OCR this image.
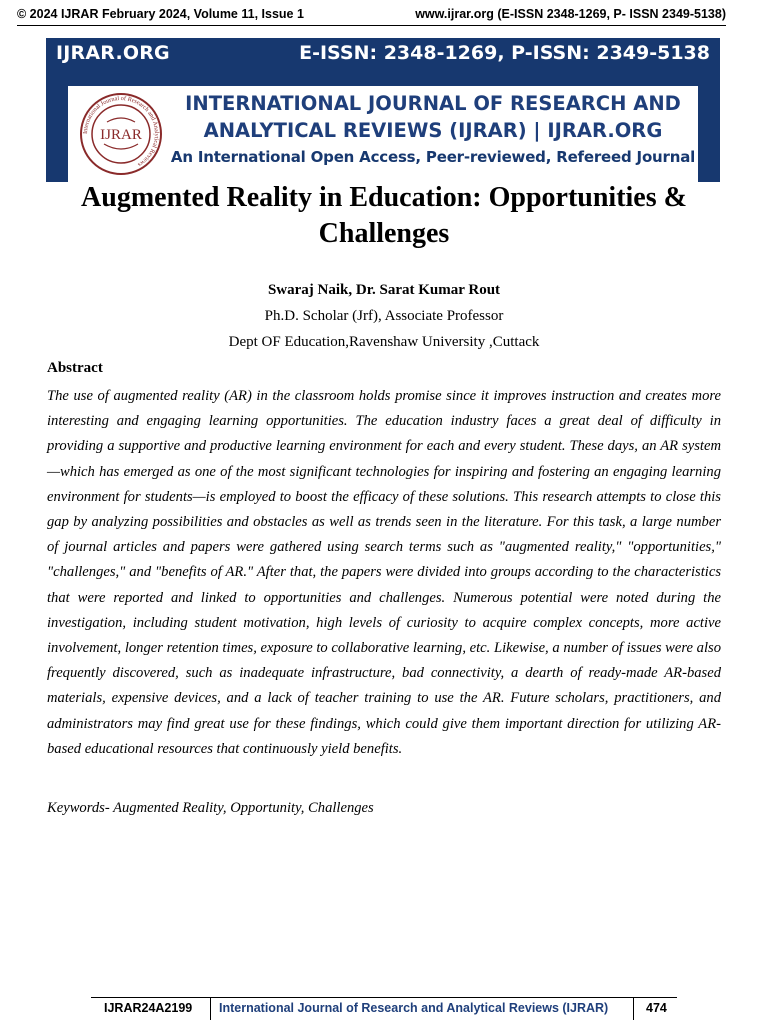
© 2024 IJRAR February 2024, Volume 11, Issue 1	www.ijrar.org (E-ISSN 2348-1269, P- ISSN 2349-5138)
IJRAR.ORG	E-ISSN: 2348-1269, P-ISSN: 2349-5138
International Journal of Research and Analytical Reviews
IJRAR
INTERNATIONAL JOURNAL OF RESEARCH AND
ANALYTICAL REVIEWS (IJRAR) | IJRAR.ORG
An International Open Access, Peer-reviewed, Refereed Journal
Augmented Reality in Education: Opportunities &
Challenges
Swaraj Naik, Dr. Sarat Kumar Rout
Ph.D. Scholar (Jrf), Associate Professor
Dept OF Education,Ravenshaw University ,Cuttack
Abstract

The use of augmented reality (AR) in the classroom holds promise since it improves instruction and creates more interesting and engaging learning opportunities. The education industry faces a great deal of difficulty in providing a supportive and productive learning environment for each and every student. These days, an AR system—which has emerged as one of the most significant technologies for inspiring and fostering an engaging learning environment for students—is employed to boost the efficacy of these solutions. This research attempts to close this gap by analyzing possibilities and obstacles as well as trends seen in the literature. For this task, a large number of journal articles and papers were gathered using search terms such as "augmented reality," "opportunities," "challenges," and "benefits of AR." After that, the papers were divided into groups according to the characteristics that were reported and linked to opportunities and challenges. Numerous potential were noted during the investigation, including student motivation, high levels of curiosity to acquire complex concepts, more active involvement, longer retention times, exposure to collaborative learning, etc. Likewise, a number of issues were also frequently discovered, such as inadequate infrastructure, bad connectivity, a dearth of ready-made AR-based materials, expensive devices, and a lack of teacher training to use the AR. Future scholars, practitioners, and administrators may find great use for these findings, which could give them important direction for utilizing AR-based educational resources that continuously yield benefits.

Keywords- Augmented Reality, Opportunity, Challenges
IJRAR24A2199 International Journal of Research and Analytical Reviews (IJRAR)	474
